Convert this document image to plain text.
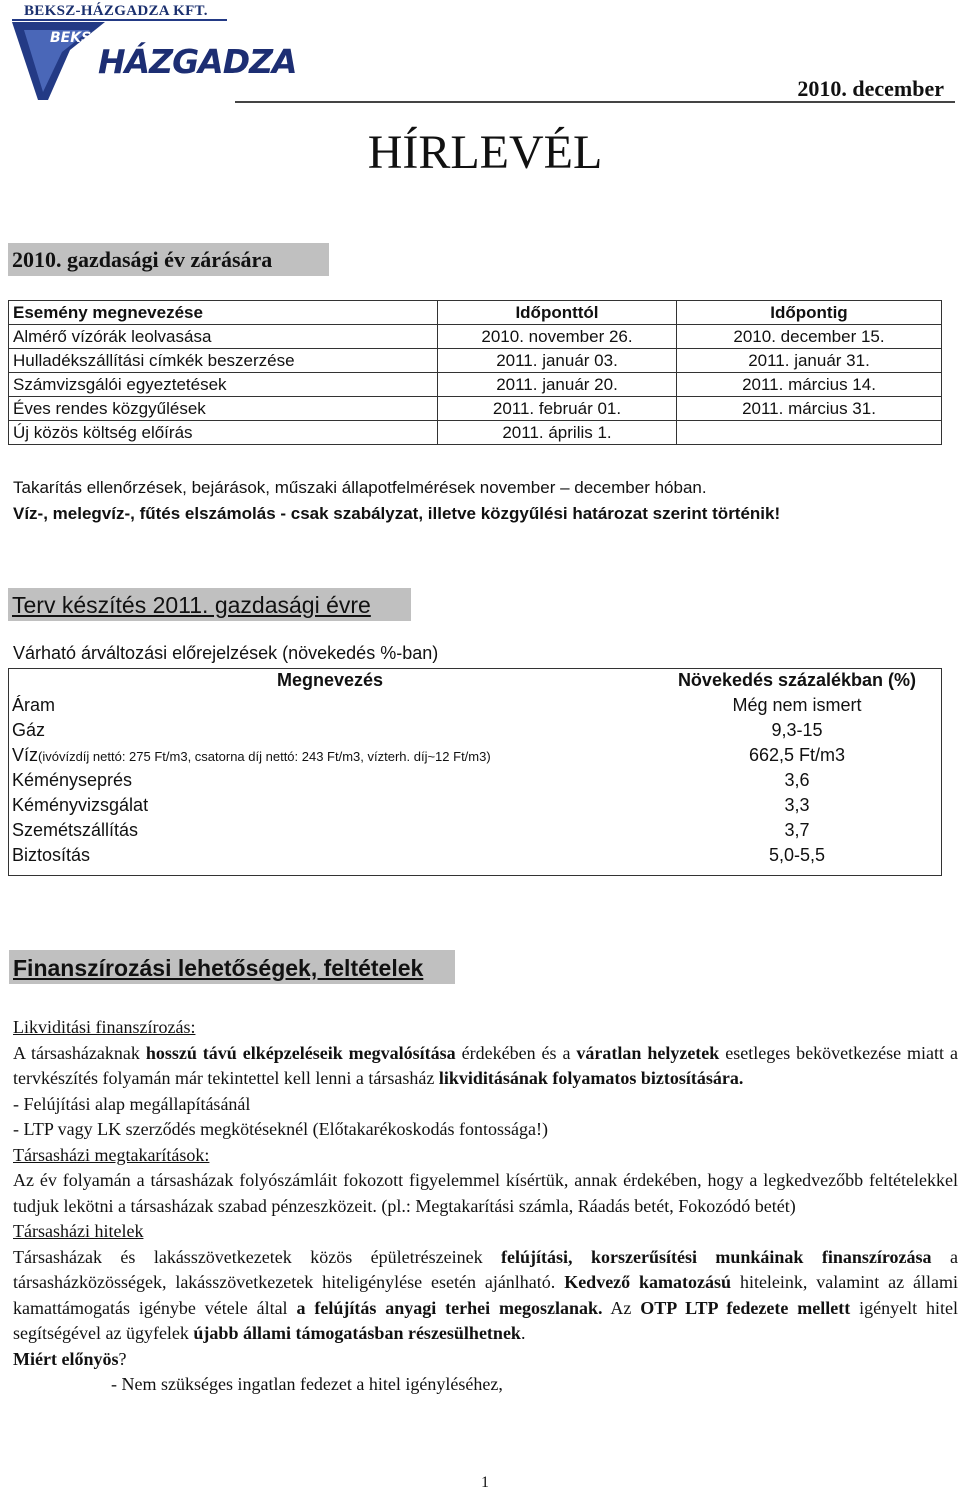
BEKSZ-HÁZGADZA KFT.
BEKSZ
HÁZGADZA
2010. december
HÍRLEVÉL
2010. gazdasági év zárására
Esemény megnevezése	Időponttól	Időpontig
Almérő vízórák leolvasása	2010. november 26.	2010. december 15.
Hulladékszállítási címkék beszerzése	2011. január 03.	2011. január 31.
Számvizsgálói egyeztetések	2011. január 20.	2011. március 14.
Éves rendes közgyűlések	2011. február 01.	2011. március 31.
Új közös költség előírás	2011. április 1.	
Takarítás ellenőrzések, bejárások, műszaki állapotfelmérések november – december hóban.
Víz-, melegvíz-, fűtés elszámolás - csak szabályzat, illetve közgyűlési határozat szerint történik!
Terv készítés 2011. gazdasági évre
Várható árváltozási előrejelzések (növekedés %-ban)
Megnevezés	Növekedés százalékban (%)
Áram	Még nem ismert
Gáz	9,3-15
Víz(ivóvízdíj nettó: 275 Ft/m3, csatorna díj nettó: 243 Ft/m3, vízterh. díj~12 Ft/m3)	662,5 Ft/m3
Kéményseprés	3,6
Kéményvizsgálat	3,3
Szemétszállítás	3,7
Biztosítás	5,0-5,5
Finanszírozási lehetőségek, feltételek

Likviditási finanszírozás:

A társasházaknak hosszú távú elképzeléseik megvalósítása érdekében és a váratlan helyzetek esetleges bekövetkezése miatt a tervkészítés folyamán már tekintettel kell lenni a társasház likviditásának folyamatos biztosítására.

- Felújítási alap megállapításánál

- LTP vagy LK szerződés megkötéseknél (Előtakarékoskodás fontossága!)

Társasházi megtakarítások:

Az év folyamán a társasházak folyószámláit fokozott figyelemmel kísértük, annak érdekében, hogy a legkedvezőbb feltételekkel tudjuk lekötni a társasházak szabad pénzeszközeit. (pl.: Megtakarítási számla, Ráadás betét, Fokozódó betét)

Társasházi hitelek

Társasházak és lakásszövetkezetek közös épületrészeinek felújítási, korszerűsítési munkáinak finanszírozása a társasházközösségek, lakásszövetkezetek hiteligénylése esetén ajánlható. Kedvező kamatozású hiteleink, valamint az állami kamattámogatás igénybe vétele által a felújítás anyagi terhei megoszlanak. Az OTP LTP fedezete mellett igényelt hitel segítségével az ügyfelek újabb állami támogatásban részesülhetnek.

Miért előnyös?

- Nem szükséges ingatlan fedezet a hitel igényléséhez,

1
